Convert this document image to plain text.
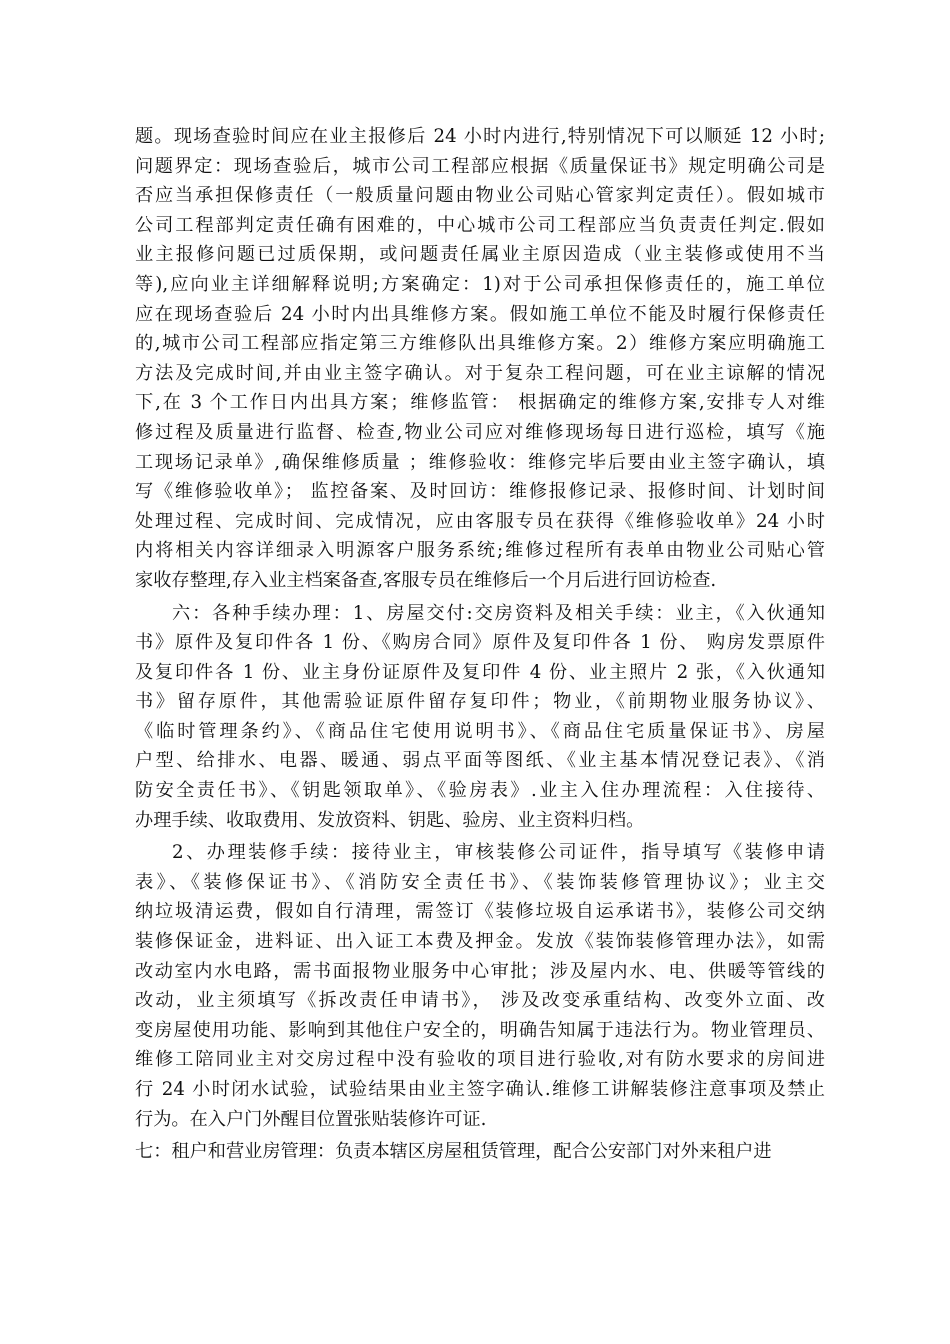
题。现场查验时间应在业主报修后 24 小时内进行,特别情况下可以顺延 12 小时;
问题界定：现场查验后，城市公司工程部应根据《质量保证书》规定明确公司是
否应当承担保修责任（一般质量问题由物业公司贴心管家判定责任）。假如城市
公司工程部判定责任确有困难的，中心城市公司工程部应当负责责任判定.假如
业主报修问题已过质保期，或问题责任属业主原因造成（业主装修或使用不当
等),应向业主详细解释说明;方案确定：1)对于公司承担保修责任的，施工单位
应在现场查验后 24 小时内出具维修方案。假如施工单位不能及时履行保修责任
的,城市公司工程部应指定第三方维修队出具维修方案。2）维修方案应明确施工
方法及完成时间,并由业主签字确认。对于复杂工程问题，可在业主谅解的情况
下,在 3 个工作日内出具方案；维修监管： 根据确定的维修方案,安排专人对维
修过程及质量进行监督、检查,物业公司应对维修现场每日进行巡检，填写《施
工现场记录单》,确保维修质量 ；维修验收：维修完毕后要由业主签字确认，填
写《维修验收单》； 监控备案、及时回访：维修报修记录、报修时间、计划时间
处理过程、完成时间、完成情况，应由客服专员在获得《维修验收单》24 小时
内将相关内容详细录入明源客户服务系统;维修过程所有表单由物业公司贴心管
家收存整理,存入业主档案备查,客服专员在维修后一个月后进行回访检查.
六：各种手续办理：1、房屋交付:交房资料及相关手续：业主，《入伙通知
书》原件及复印件各 1 份、《购房合同》原件及复印件各 1 份、 购房发票原件
及复印件各 1 份、业主身份证原件及复印件 4 份、业主照片 2 张，《入伙通知
书》留存原件，其他需验证原件留存复印件；物业，《前期物业服务协议》、
《临时管理条约》、《商品住宅使用说明书》、《商品住宅质量保证书》、房屋
户型、给排水、电器、暖通、弱点平面等图纸、《业主基本情况登记表》、《消
防安全责任书》、《钥匙领取单》、《验房表》.业主入住办理流程：入住接待、
办理手续、收取费用、发放资料、钥匙、验房、业主资料归档。
2、办理装修手续：接待业主，审核装修公司证件，指导填写《装修申请
表》、《装修保证书》、《消防安全责任书》、《装饰装修管理协议》；业主交
纳垃圾清运费，假如自行清理，需签订《装修垃圾自运承诺书》，装修公司交纳
装修保证金，进料证、出入证工本费及押金。发放《装饰装修管理办法》，如需
改动室内水电路，需书面报物业服务中心审批；涉及屋内水、电、供暖等管线的
改动，业主须填写《拆改责任申请书》， 涉及改变承重结构、改变外立面、改
变房屋使用功能、影响到其他住户安全的，明确告知属于违法行为。物业管理员、
维修工陪同业主对交房过程中没有验收的项目进行验收,对有防水要求的房间进
行 24 小时闭水试验，试验结果由业主签字确认.维修工讲解装修注意事项及禁止
行为。在入户门外醒目位置张贴装修许可证.
七：租户和营业房管理：负责本辖区房屋租赁管理，配合公安部门对外来租户进
